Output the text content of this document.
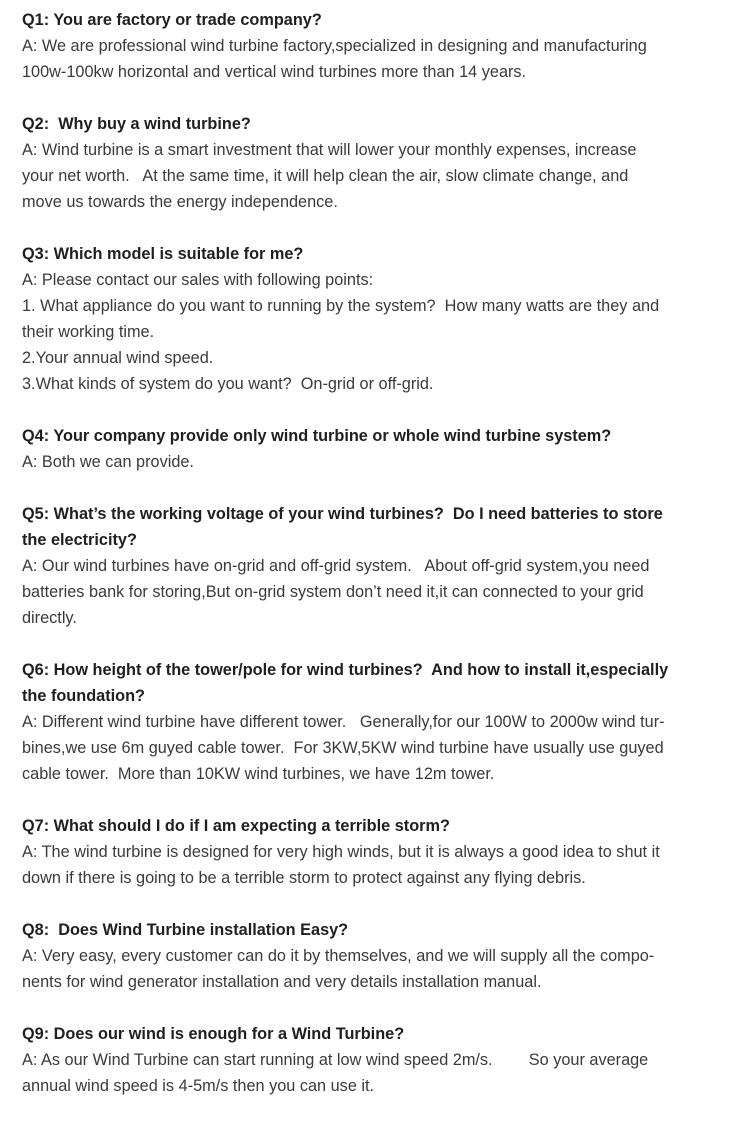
Q1: You are factory or trade company?
A: We are professional wind turbine factory,specialized in designing and manufacturing
100w-100kw horizontal and vertical wind turbines more than 14 years.
Q2:  Why buy a wind turbine?
A: Wind turbine is a smart investment that will lower your monthly expenses, increase
your net worth.   At the same time, it will help clean the air, slow climate change, and
move us towards the energy independence.
Q3: Which model is suitable for me?
A: Please contact our sales with following points:
1. What appliance do you want to running by the system?  How many watts are they and
their working time.
2.Your annual wind speed.
3.What kinds of system do you want?  On-grid or off-grid.
Q4: Your company provide only wind turbine or whole wind turbine system?
A: Both we can provide.
Q5: What’s the working voltage of your wind turbines?  Do I need batteries to store
the electricity?
A: Our wind turbines have on-grid and off-grid system.   About off-grid system,you need
batteries bank for storing,But on-grid system don’t need it,it can connected to your grid
directly.
Q6: How height of the tower/pole for wind turbines?  And how to install it,especially
the foundation?
A: Different wind turbine have different tower.   Generally,for our 100W to 2000w wind tur-
bines,we use 6m guyed cable tower.  For 3KW,5KW wind turbine have usually use guyed
cable tower.  More than 10KW wind turbines, we have 12m tower.
Q7: What should I do if I am expecting a terrible storm?
A: The wind turbine is designed for very high winds, but it is always a good idea to shut it
down if there is going to be a terrible storm to protect against any flying debris.
Q8:  Does Wind Turbine installation Easy?
A: Very easy, every customer can do it by themselves, and we will supply all the compo-
nents for wind generator installation and very details installation manual.
Q9: Does our wind is enough for a Wind Turbine?
A: As our Wind Turbine can start running at low wind speed 2m/s.        So your average
annual wind speed is 4-5m/s then you can use it.
